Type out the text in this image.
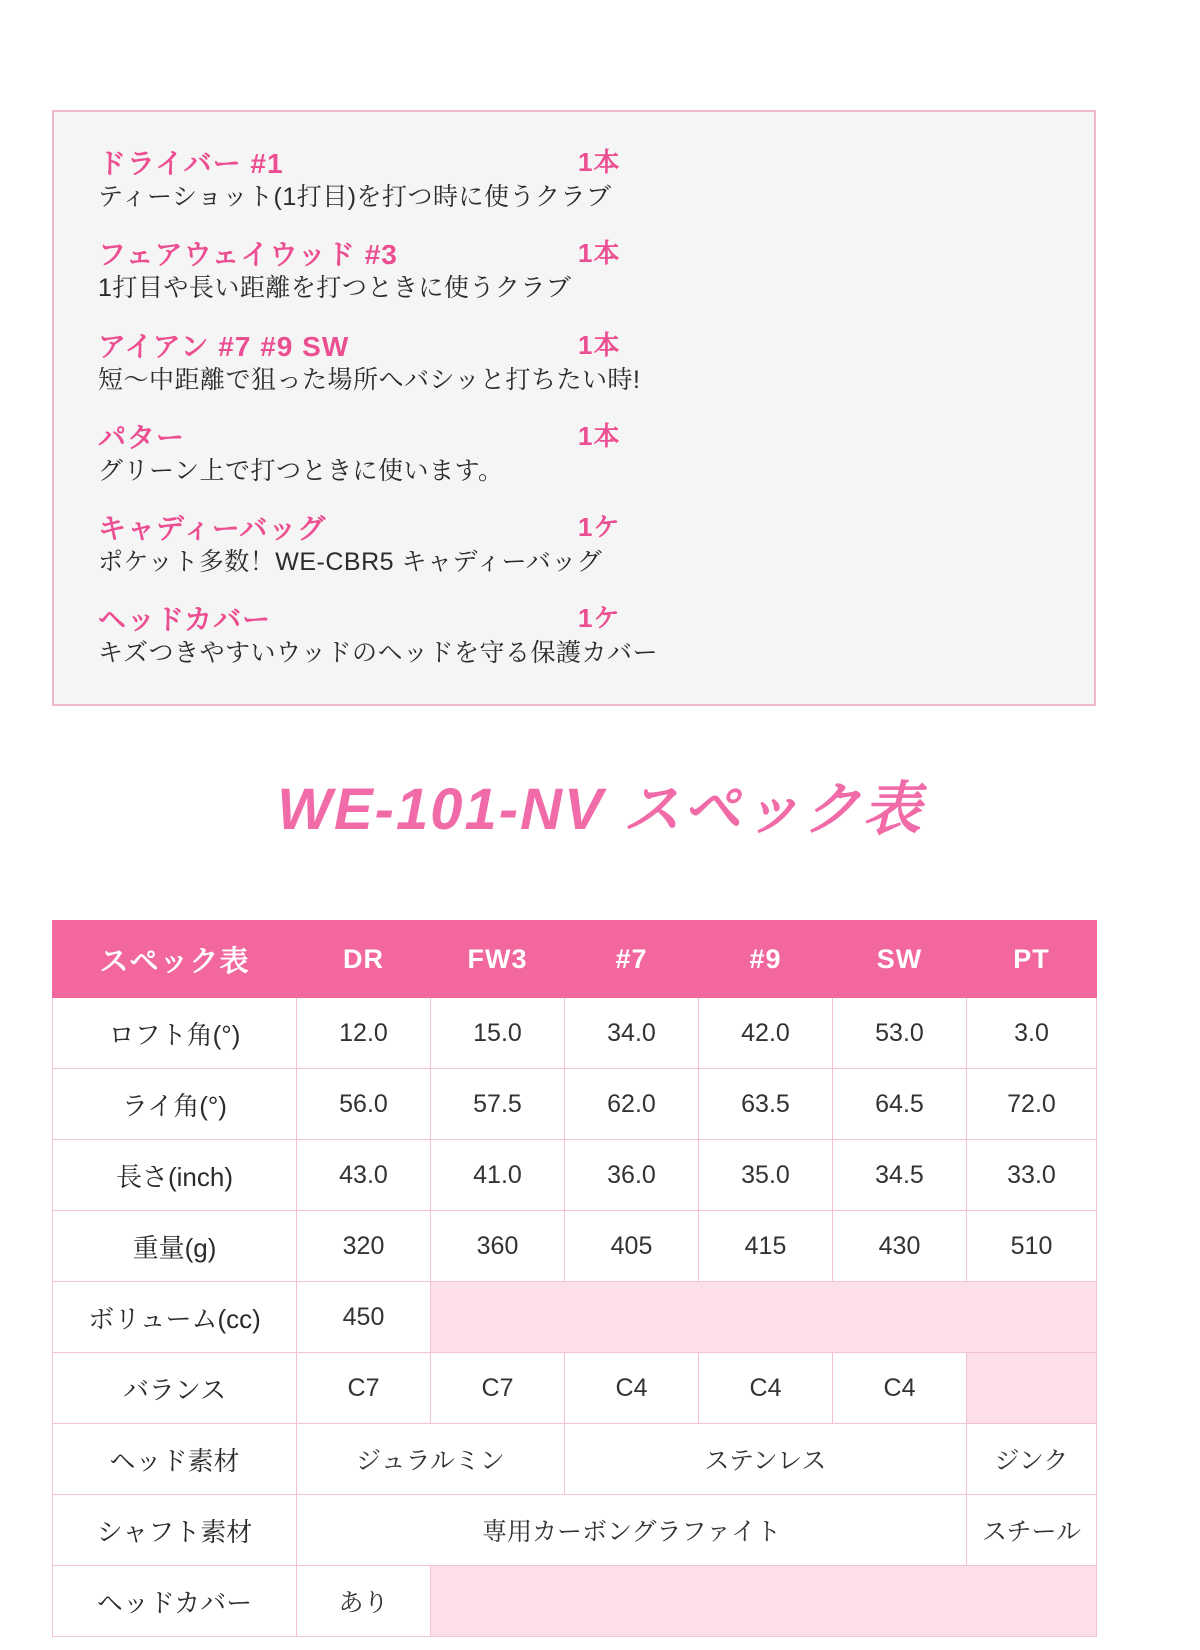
ドライバー #1	1本
ティーショット(1打目)を打つ時に使うクラブ
フェアウェイウッド #3	1本
1打目や長い距離を打つときに使うクラブ
アイアン #7 #9 SW	1本
短〜中距離で狙った場所へバシッと打ちたい時!
パター	1本
グリーン上で打つときに使います。
キャディーバッグ	1ケ
ポケット多数！WE-CBR5 キャディーバッグ
ヘッドカバー	1ケ
キズつきやすいウッドのヘッドを守る保護カバー
WE-101-NV スペック表
スペック表	DR	FW3	#7	#9	SW	PT
ロフト角(°)	12.0	15.0	34.0	42.0	53.0	3.0
ライ角(°)	56.0	57.5	62.0	63.5	64.5	72.0
長さ(inch)	43.0	41.0	36.0	35.0	34.5	33.0
重量(g)	320	360	405	415	430	510
ボリューム(cc)	450					
バランス	C7	C7	C4	C4	C4	
ヘッド素材	ジュラルミン		ステンレス			ジンク
シャフト素材	専用カーボングラファイト					スチール
ヘッドカバー	あり					
